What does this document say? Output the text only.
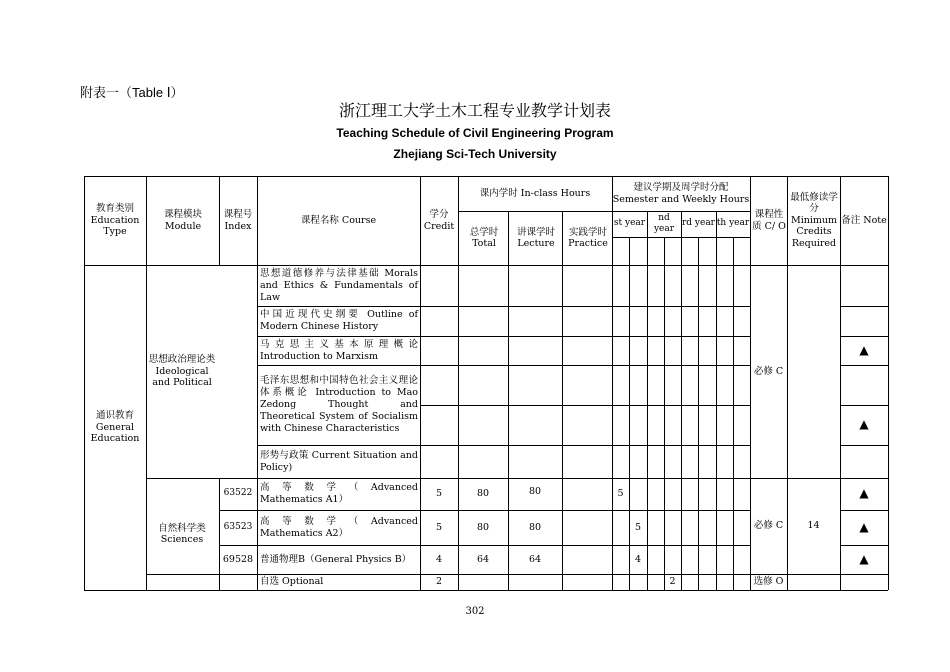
附表一（Table Ⅰ）
浙江理工大学土木工程专业教学计划表
Teaching Schedule of Civil Engineering Program
Zhejiang Sci-Tech University
教育类别 Education Type
课程模块 Module
课程号 Index
课程名称 Course
学分 Credit
课内学时 In-class Hours
总学时 Total
讲课学时 Lecture
实践学时 Practice
建议学期及周学时分配 Semester and Weekly Hours
st year
nd year
rd year th year
课程性质 C/ O
最低修读学分 Minimum Credits Required
备注 Note
通识教育 General Education
思想政治理论类 Ideological and Political
自然科学类 Sciences
思想道德修养与法律基础 Morals and Ethics & Fundamentals of Law
中国近现代史纲要 Outline of Modern Chinese History
马克思主义基本原理概论 Introduction to Marxism
毛泽东思想和中国特色社会主义理论体系概论 Introduction to Mao Zedong Thought and Theoretical System of Socialism with Chinese Characteristics
形势与政策 Current Situation and Policy)
高等数学（Advanced Mathematics A1）
高等数学（Advanced Mathematics A2）
普通物理B（General Physics B）
自选 Optional
63522
63523
69528
5
5
4
2
80
80
64
80
80
64
5
5
4
2
必修 C
必修 C
选修 O
14
▲
▲
▲
▲
▲
302
